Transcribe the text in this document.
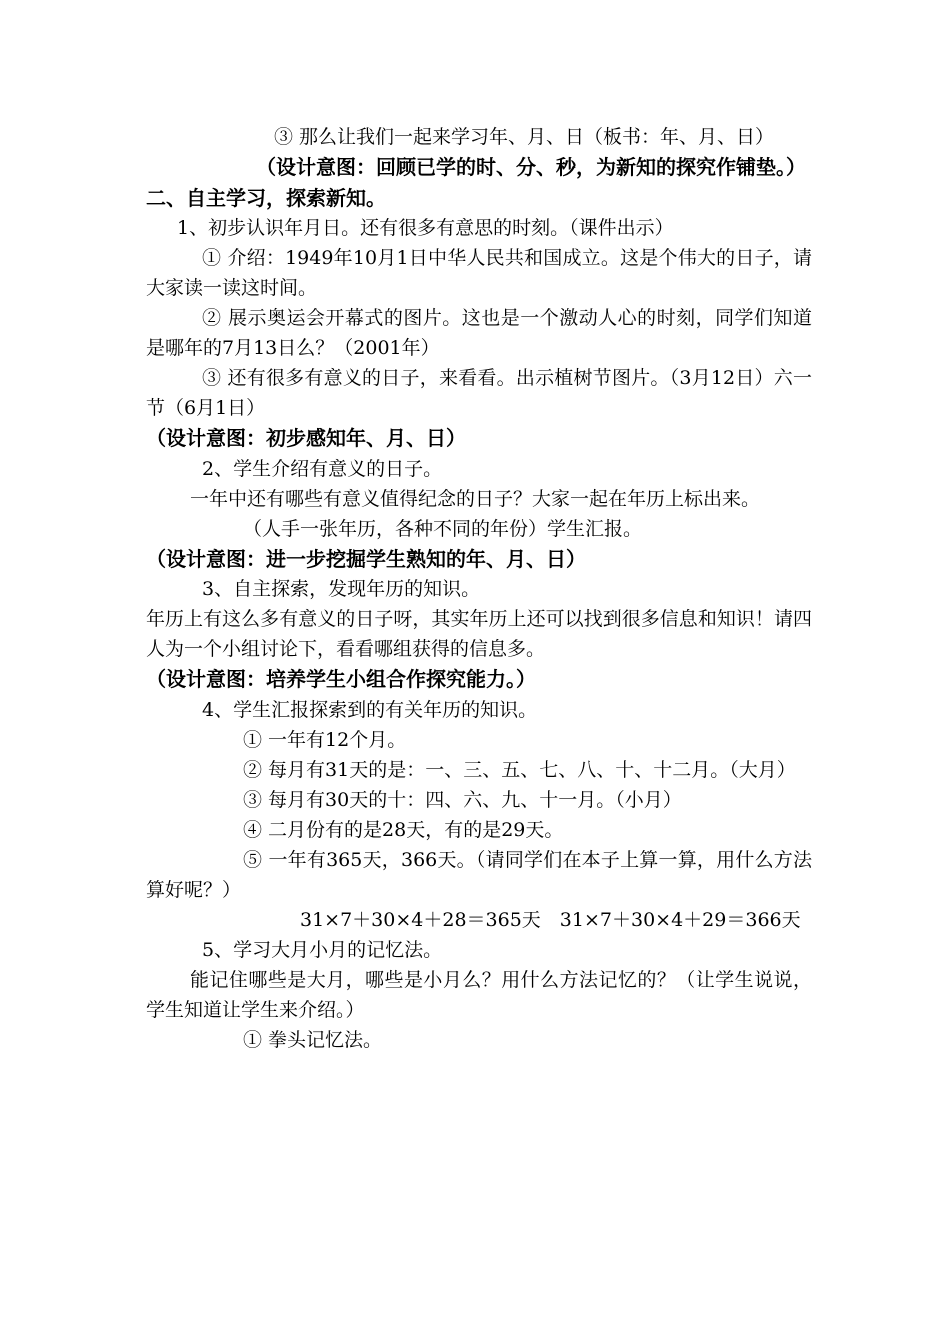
③ 那么让我们一起来学习年、月、日（板书：年、月、日）

（设计意图：回顾已学的时、分、秒，为新知的探究作铺垫。）

二、自主学习，探索新知。

1、初步认识年月日。还有很多有意思的时刻。（课件出示）

① 介绍：1949年10月1日中华人民共和国成立。这是个伟大的日子，请大家读一读这时间。

② 展示奥运会开幕式的图片。这也是一个激动人心的时刻，同学们知道是哪年的7月13日么？（2001年）

③ 还有很多有意义的日子，来看看。出示植树节图片。（3月12日）六一节（6月1日）

（设计意图：初步感知年、月、日）

2、学生介绍有意义的日子。

一年中还有哪些有意义值得纪念的日子？大家一起在年历上标出来。

（人手一张年历，各种不同的年份）学生汇报。

（设计意图：进一步挖掘学生熟知的年、月、日）

3、自主探索，发现年历的知识。

年历上有这么多有意义的日子呀，其实年历上还可以找到很多信息和知识！请四人为一个小组讨论下，看看哪组获得的信息多。

（设计意图：培养学生小组合作探究能力。）

4、学生汇报探索到的有关年历的知识。

① 一年有12个月。

② 每月有31天的是：一、三、五、七、八、十、十二月。（大月）

③ 每月有30天的十：四、六、九、十一月。（小月）

④ 二月份有的是28天，有的是29天。

⑤ 一年有365天，366天。（请同学们在本子上算一算，用什么方法算好呢？）

31×7＋30×4＋28＝365天　31×7＋30×4＋29＝366天

5、学习大月小月的记忆法。

能记住哪些是大月，哪些是小月么？用什么方法记忆的？（让学生说说，学生知道让学生来介绍。）

① 拳头记忆法。
